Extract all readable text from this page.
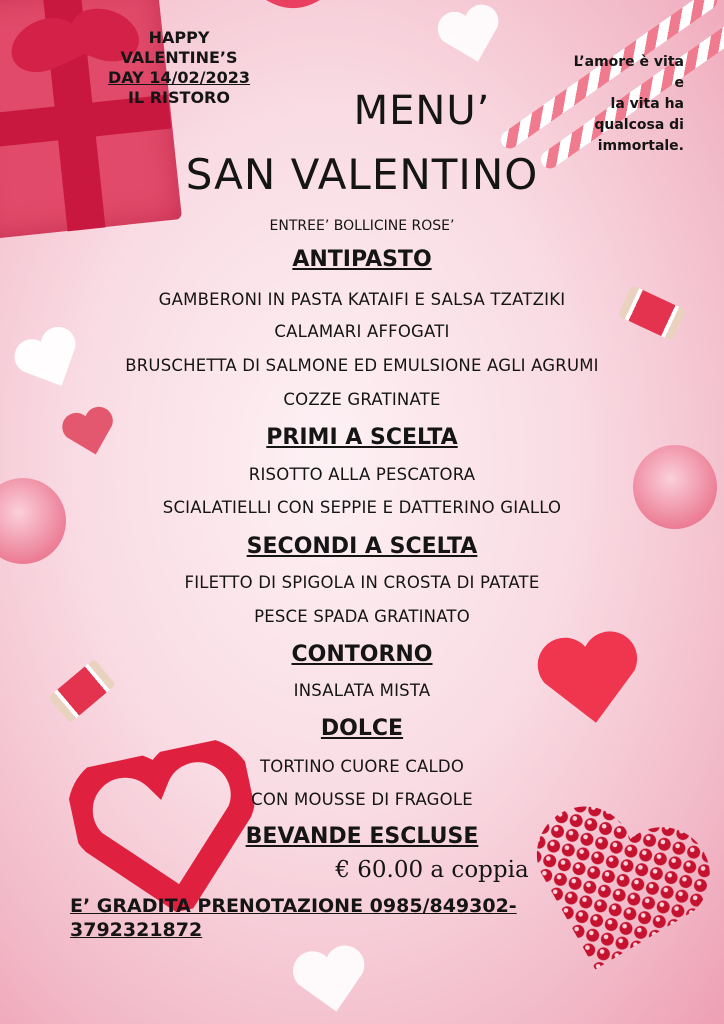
HAPPY
VALENTINE’S
DAY 14/02/2023
IL RISTORO
L’amore è vita
e
la vita ha
qualcosa di
immortale.
MENU’
SAN VALENTINO
ENTREE’ BOLLICINE ROSE’
ANTIPASTO
GAMBERONI IN PASTA KATAIFI E SALSA TZATZIKI
CALAMARI AFFOGATI
BRUSCHETTA DI SALMONE ED EMULSIONE AGLI AGRUMI
COZZE GRATINATE
PRIMI A SCELTA
RISOTTO ALLA PESCATORA
SCIALATIELLI CON SEPPIE E DATTERINO GIALLO
SECONDI A SCELTA
FILETTO DI SPIGOLA IN CROSTA DI PATATE
PESCE SPADA GRATINATO
CONTORNO
INSALATA MISTA
DOLCE
TORTINO CUORE CALDO
CON MOUSSE DI FRAGOLE
BEVANDE ESCLUSE
€ 60.00 a coppia
E’ GRADITA PRENOTAZIONE 0985/849302-
3792321872
